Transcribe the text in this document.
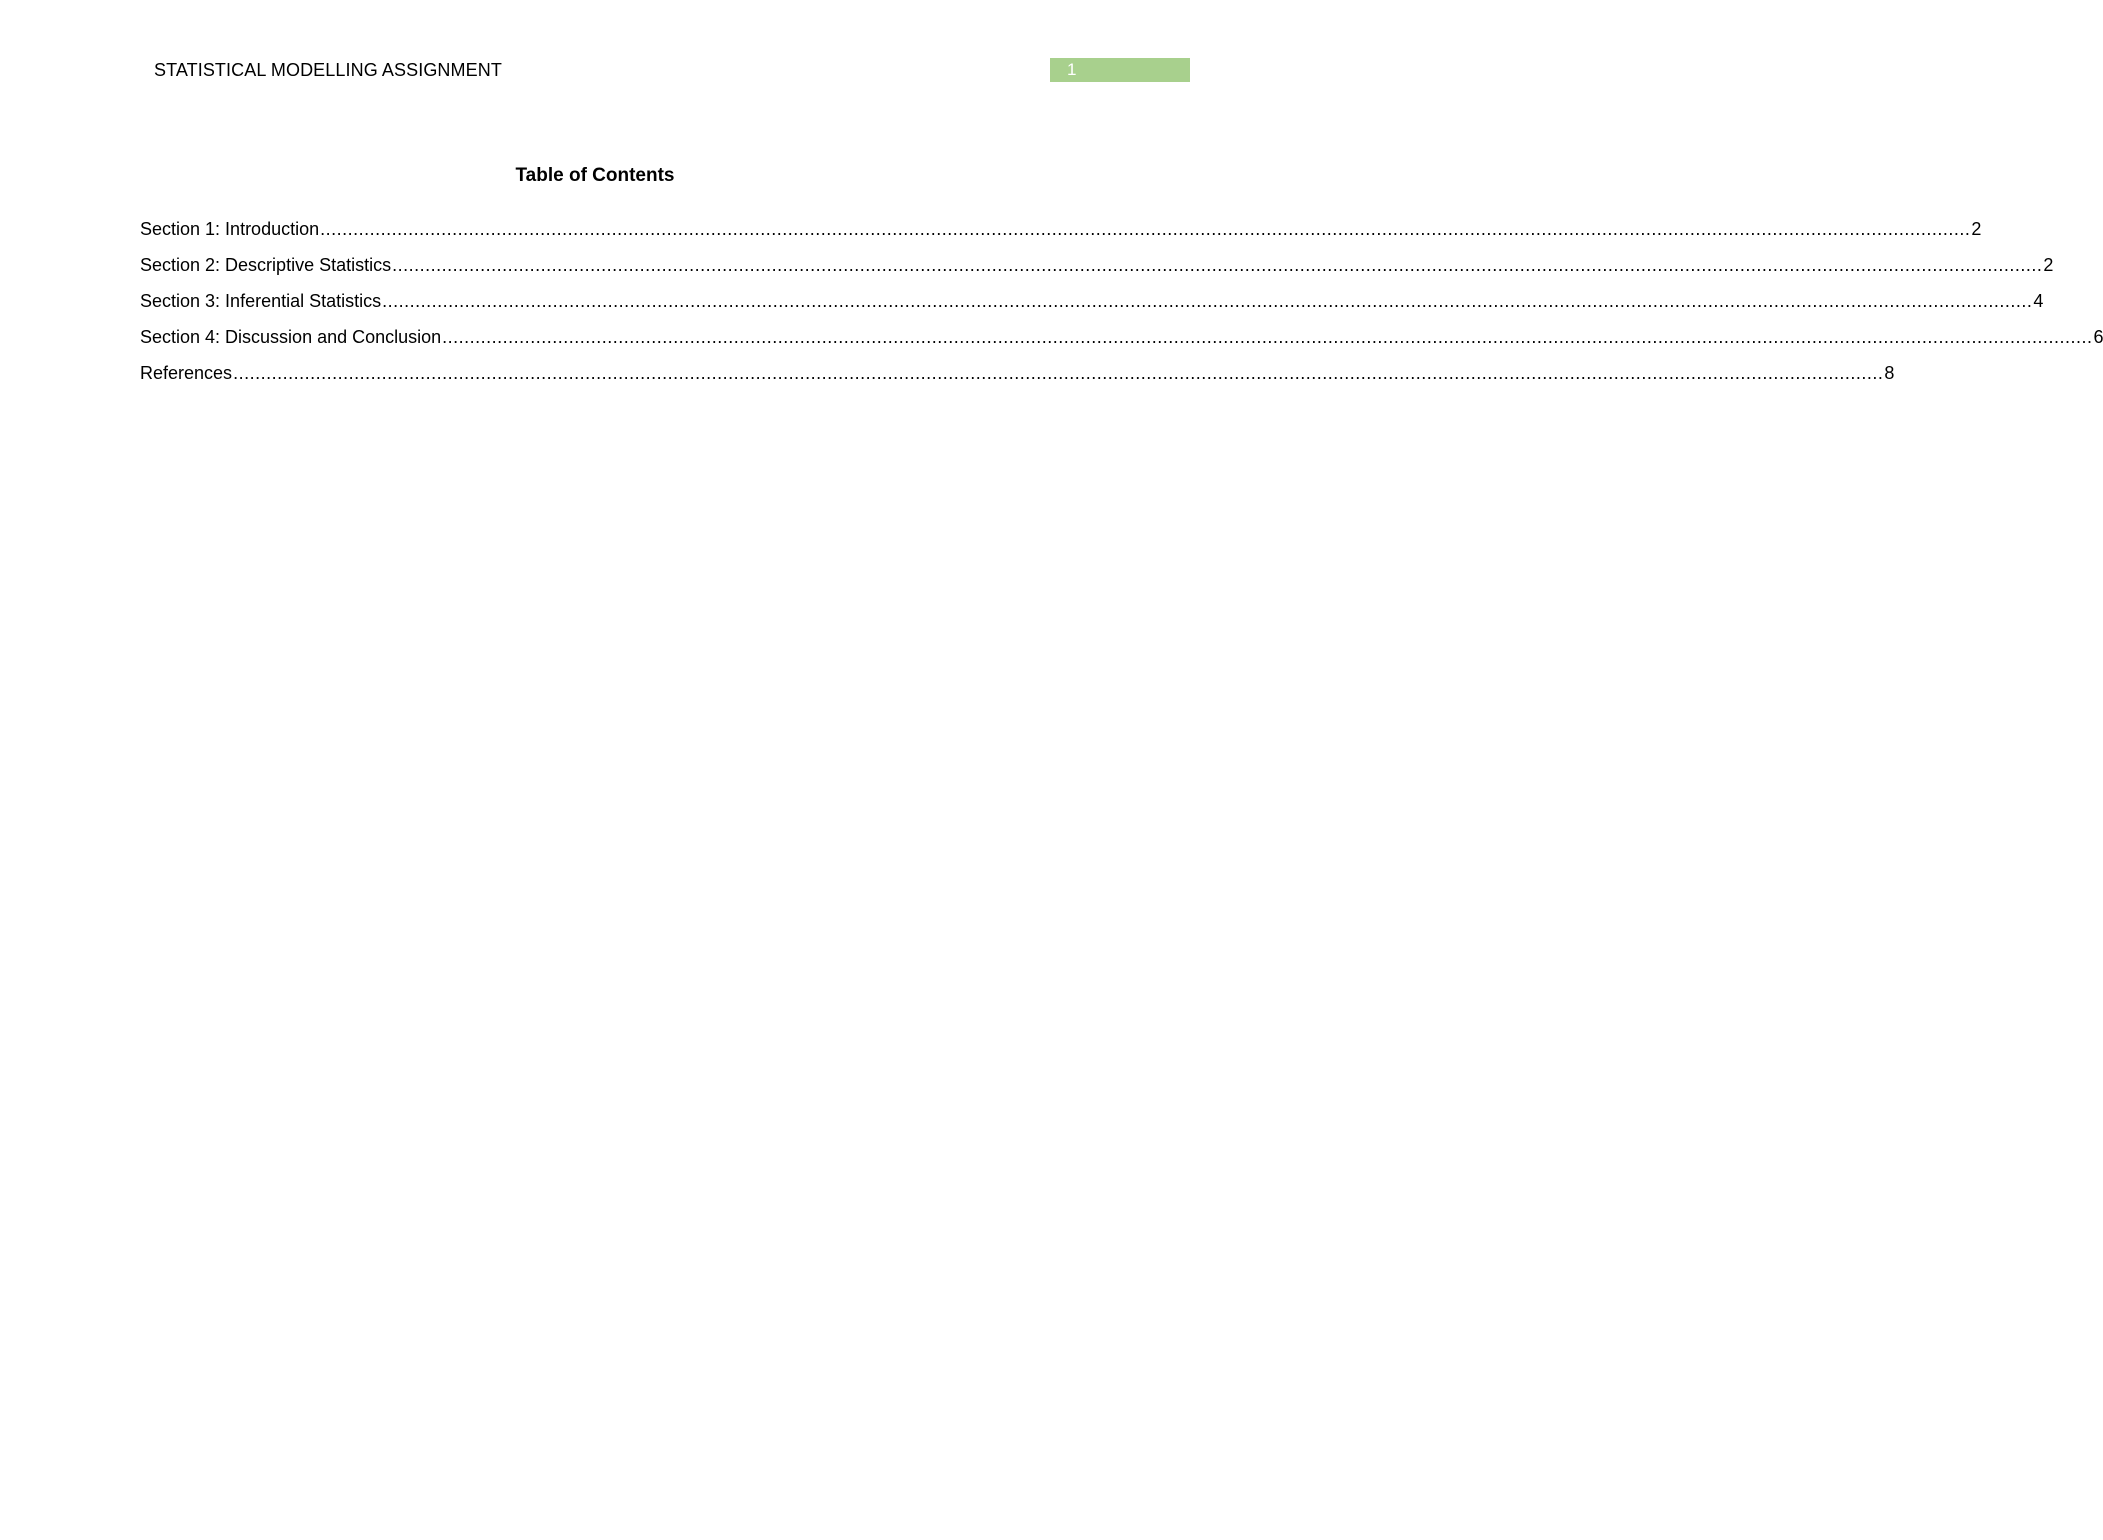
STATISTICAL MODELLING ASSIGNMENT	1
Table of Contents
Section 1: Introduction ............................................................................................................................................................................................................................................................................................................ 2
Section 2: Descriptive Statistics ............................................................................................................................................................................................................................................................................................................ 2
Section 3: Inferential Statistics ............................................................................................................................................................................................................................................................................................................ 4
Section 4: Discussion and Conclusion ............................................................................................................................................................................................................................................................................................................ 6
References ............................................................................................................................................................................................................................................................................................................ 8
